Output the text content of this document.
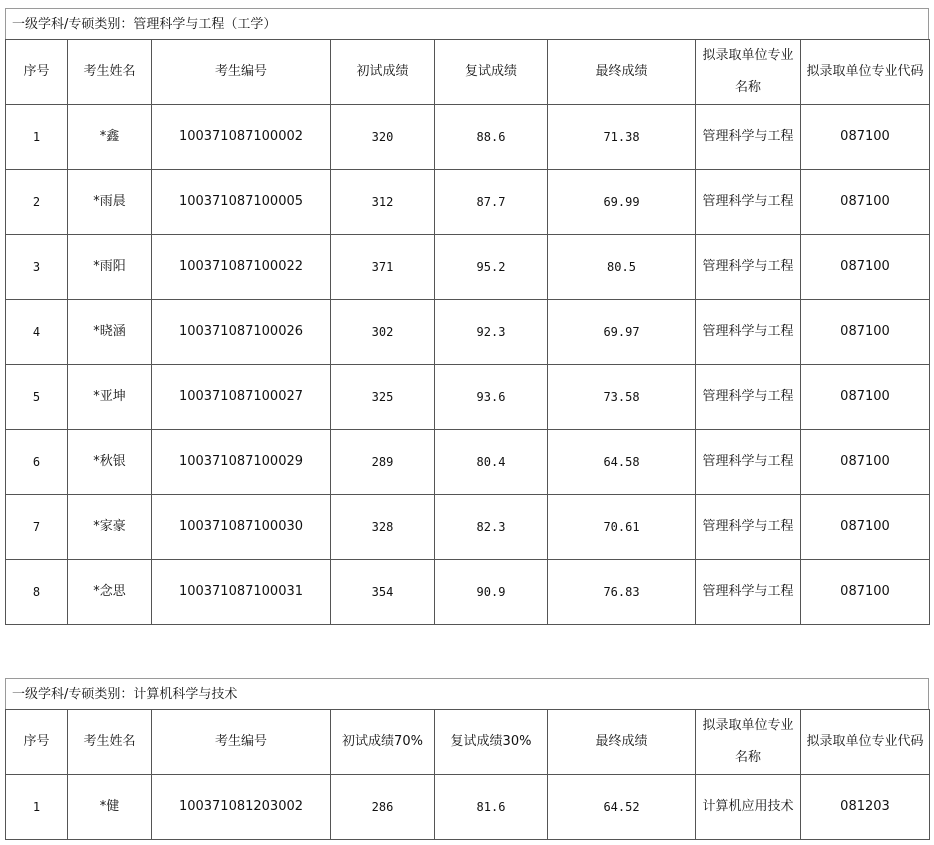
一级学科/专硕类别：管理科学与工程（工学）
序号	考生姓名	考生编号	初试成绩	复试成绩	最终成绩	拟录取单位专业名称	拟录取单位专业代码
1	*鑫	100371087100002	320	88.6	71.38	管理科学与工程	087100
2	*雨晨	100371087100005	312	87.7	69.99	管理科学与工程	087100
3	*雨阳	100371087100022	371	95.2	80.5	管理科学与工程	087100
4	*晓涵	100371087100026	302	92.3	69.97	管理科学与工程	087100
5	*亚坤	100371087100027	325	93.6	73.58	管理科学与工程	087100
6	*秋银	100371087100029	289	80.4	64.58	管理科学与工程	087100
7	*家豪	100371087100030	328	82.3	70.61	管理科学与工程	087100
8	*念思	100371087100031	354	90.9	76.83	管理科学与工程	087100
一级学科/专硕类别：计算机科学与技术
序号	考生姓名	考生编号	初试成绩70%	复试成绩30%	最终成绩	拟录取单位专业名称	拟录取单位专业代码
1	*健	100371081203002	286	81.6	64.52	计算机应用技术	081203
